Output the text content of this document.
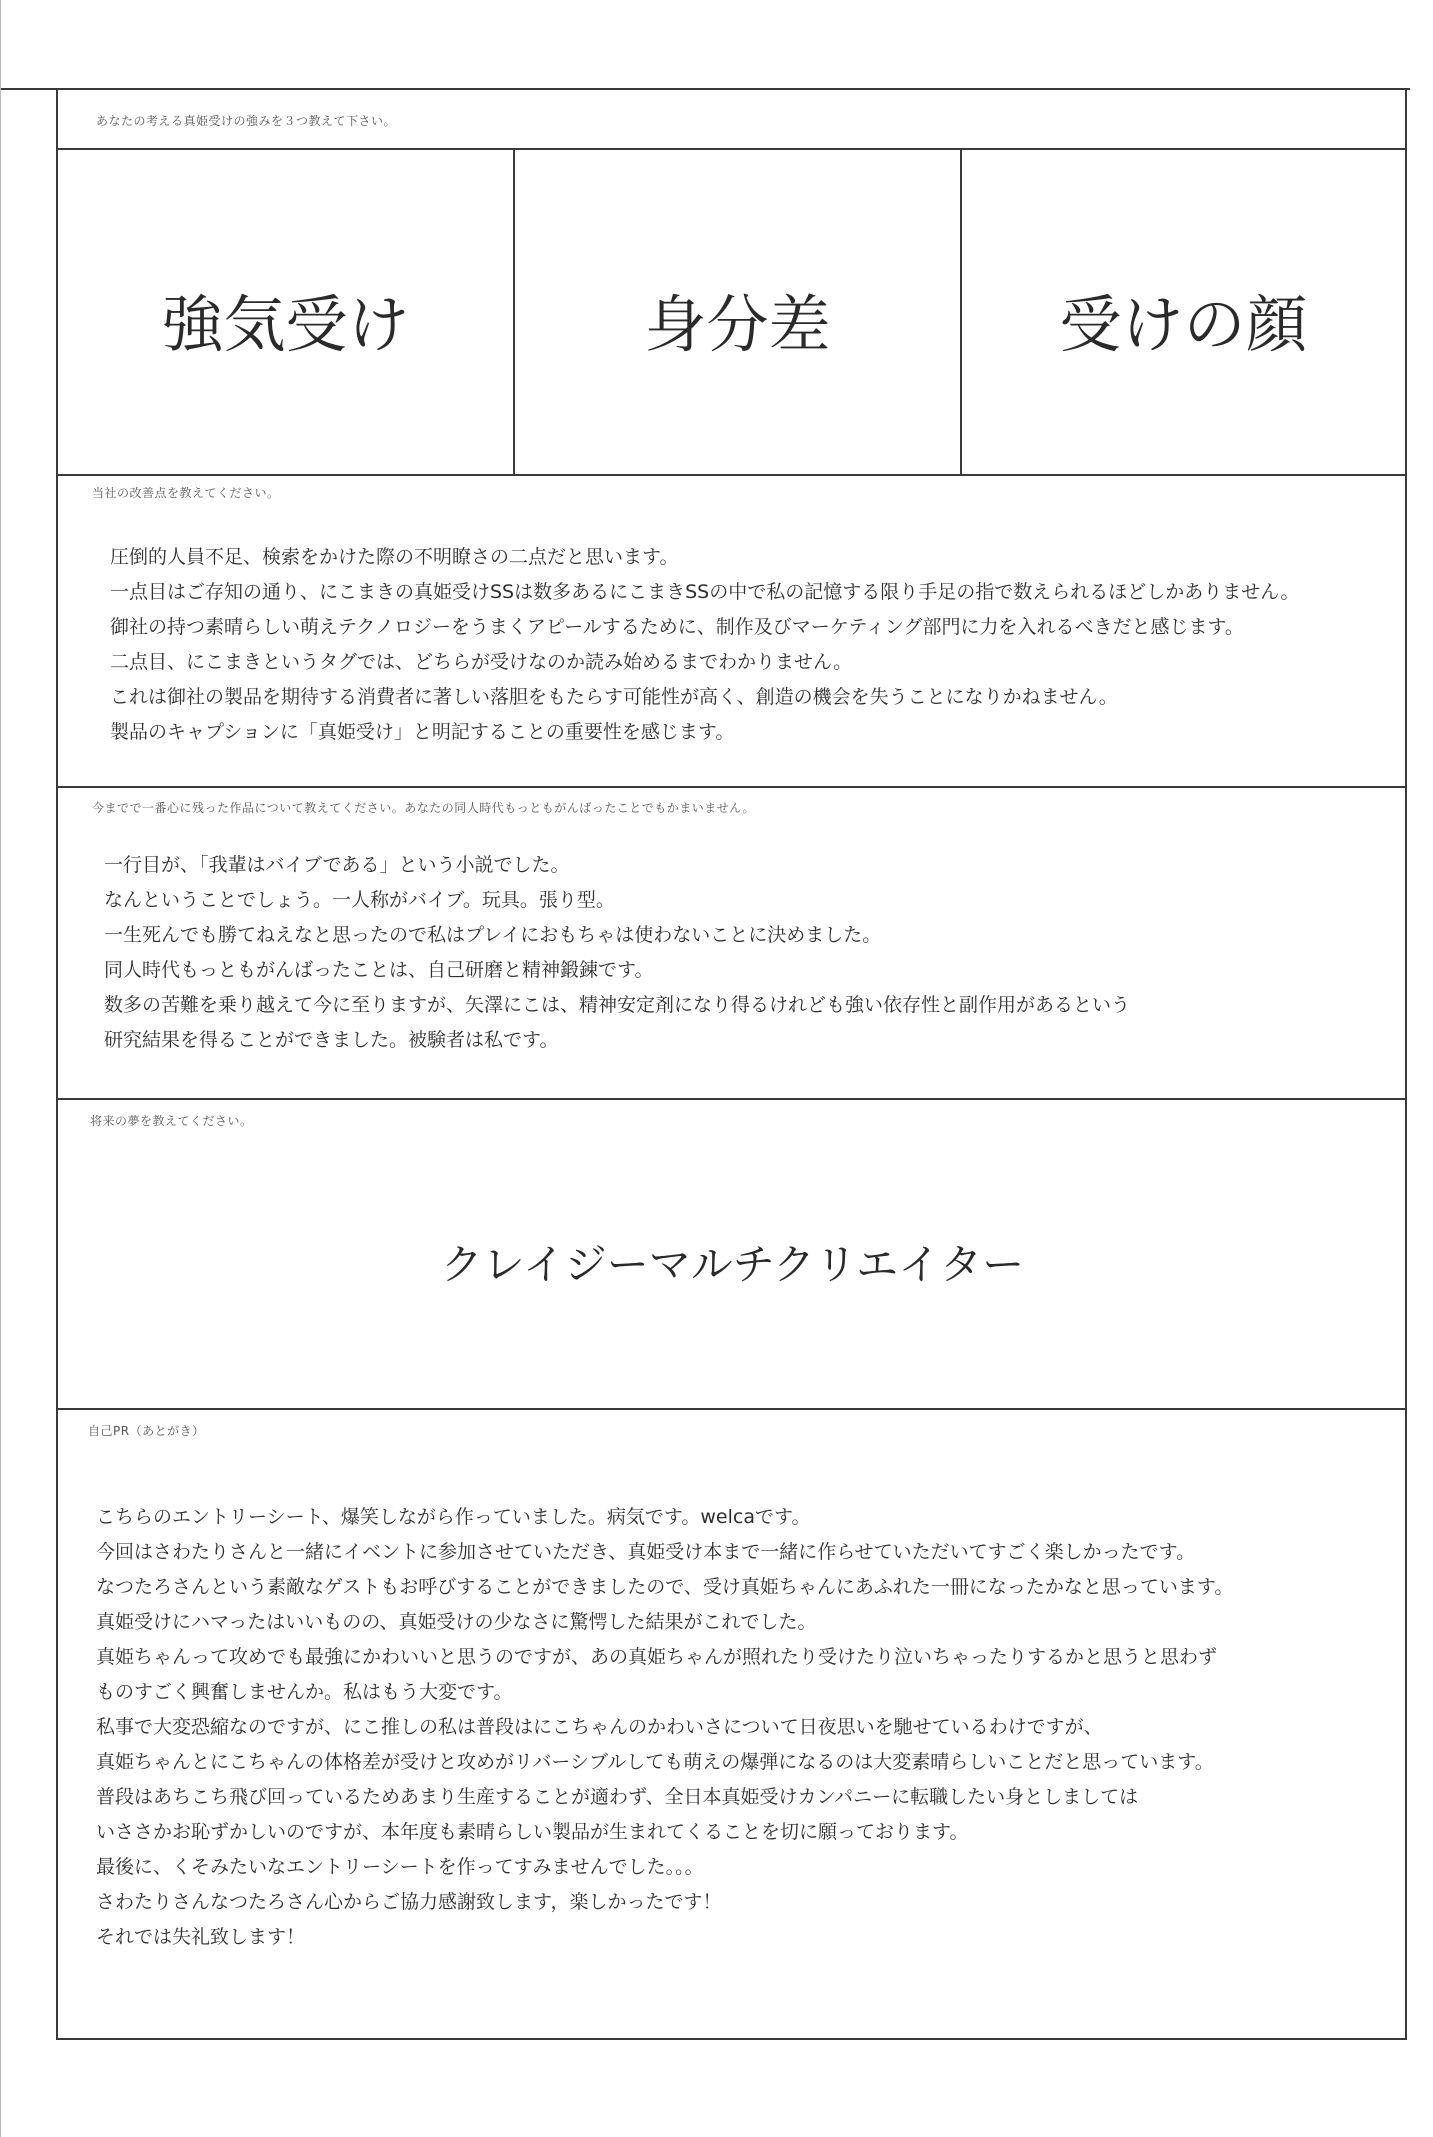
あなたの考える真姫受けの強みを３つ教えて下さい。
強気受け	身分差	受けの顔
当社の改善点を教えてください。
圧倒的人員不足、検索をかけた際の不明瞭さの二点だと思います。
一点目はご存知の通り、にこまきの真姫受けSSは数多あるにこまきSSの中で私の記憶する限り手足の指で数えられるほどしかありません。
御社の持つ素晴らしい萌えテクノロジーをうまくアピールするために、制作及びマーケティング部門に力を入れるべきだと感じます。
二点目、にこまきというタグでは、どちらが受けなのか読み始めるまでわかりません。
これは御社の製品を期待する消費者に著しい落胆をもたらす可能性が高く、創造の機会を失うことになりかねません。
製品のキャプションに「真姫受け」と明記することの重要性を感じます。
今までで一番心に残った作品について教えてください。あなたの同人時代もっともがんばったことでもかまいません。
一行目が、「我輩はバイブである」という小説でした。
なんということでしょう。一人称がバイブ。玩具。張り型。
一生死んでも勝てねえなと思ったので私はプレイにおもちゃは使わないことに決めました。
同人時代もっともがんばったことは、自己研磨と精神鍛錬です。
数多の苦難を乗り越えて今に至りますが、矢澤にこは、精神安定剤になり得るけれども強い依存性と副作用があるという
研究結果を得ることができました。被験者は私です。
将来の夢を教えてください。
クレイジーマルチクリエイター
自己PR（あとがき）
こちらのエントリーシート、爆笑しながら作っていました。病気です。welcaです。
今回はさわたりさんと一緒にイベントに参加させていただき、真姫受け本まで一緒に作らせていただいてすごく楽しかったです。
なつたろさんという素敵なゲストもお呼びすることができましたので、受け真姫ちゃんにあふれた一冊になったかなと思っています。
真姫受けにハマったはいいものの、真姫受けの少なさに驚愕した結果がこれでした。
真姫ちゃんって攻めでも最強にかわいいと思うのですが、あの真姫ちゃんが照れたり受けたり泣いちゃったりするかと思うと思わず
ものすごく興奮しませんか。私はもう大変です。
私事で大変恐縮なのですが、にこ推しの私は普段はにこちゃんのかわいさについて日夜思いを馳せているわけですが、
真姫ちゃんとにこちゃんの体格差が受けと攻めがリバーシブルしても萌えの爆弾になるのは大変素晴らしいことだと思っています。
普段はあちこち飛び回っているためあまり生産することが適わず、全日本真姫受けカンパニーに転職したい身としましては
いささかお恥ずかしいのですが、本年度も素晴らしい製品が生まれてくることを切に願っております。
最後に、くそみたいなエントリーシートを作ってすみませんでした。。。
さわたりさんなつたろさん心からご協力感謝致します，楽しかったです！
それでは失礼致します！
